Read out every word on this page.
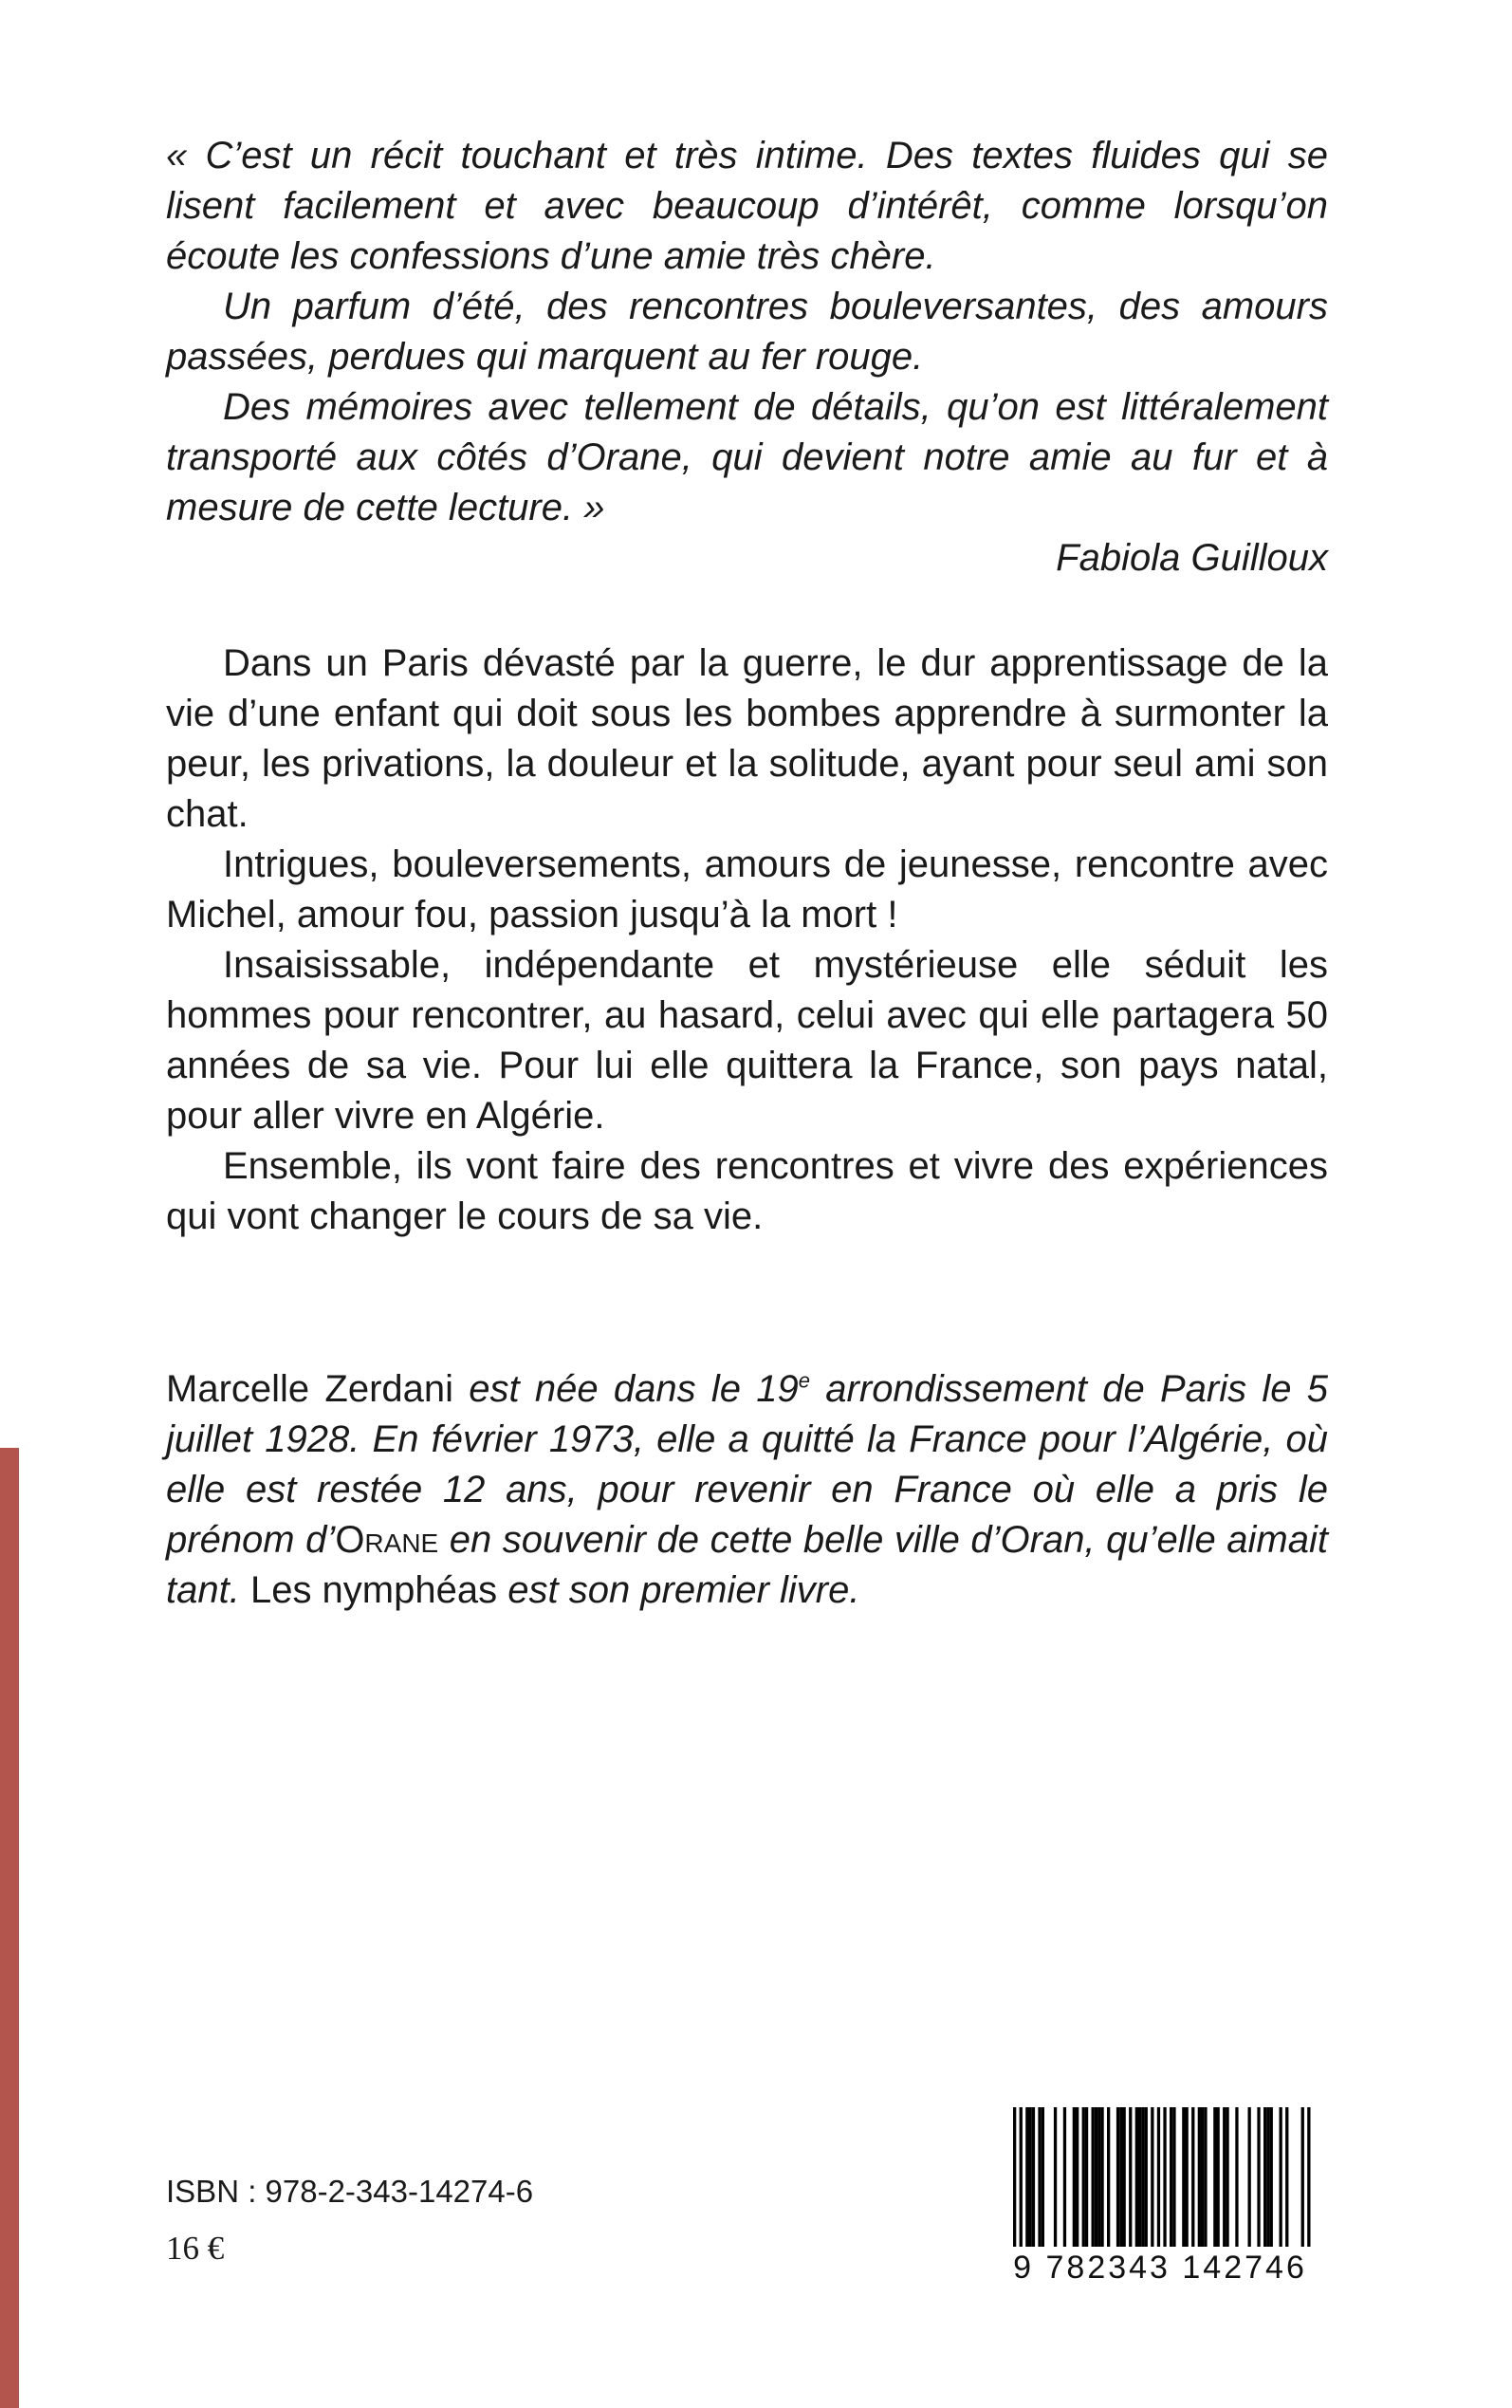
« C’est un récit touchant et très intime. Des textes fluides qui se lisent facilement et avec beaucoup d’intérêt, comme lorsqu’on écoute les confessions d’une amie très chère.

Un parfum d’été, des rencontres bouleversantes, des amours passées, perdues qui marquent au fer rouge.

Des mémoires avec tellement de détails, qu’on est littéralement transporté aux côtés d’Orane, qui devient notre amie au fur et à mesure de cette lecture. »

Fabiola Guilloux

Dans un Paris dévasté par la guerre, le dur apprentissage de la vie d’une enfant qui doit sous les bombes apprendre à surmonter la peur, les privations, la douleur et la solitude, ayant pour seul ami son chat.

Intrigues, bouleversements, amours de jeunesse, rencontre avec Michel, amour fou, passion jusqu’à la mort !

Insaisissable, indépendante et mystérieuse elle séduit les hommes pour rencontrer, au hasard, celui avec qui elle partagera 50 années de sa vie. Pour lui elle quittera la France, son pays natal, pour aller vivre en Algérie.

Ensemble, ils vont faire des rencontres et vivre des expériences qui vont changer le cours de sa vie.

Marcelle Zerdani est née dans le 19e arrondissement de Paris le 5 juillet 1928. En février 1973, elle a quitté la France pour l’Algérie, où elle est restée 12 ans, pour revenir en France où elle a pris le prénom d’Orane en souvenir de cette belle ville d’Oran, qu’elle aimait tant. Les nymphéas est son premier livre.

ISBN : 978-2-343-14274-6

16 €

9 782343 142746
